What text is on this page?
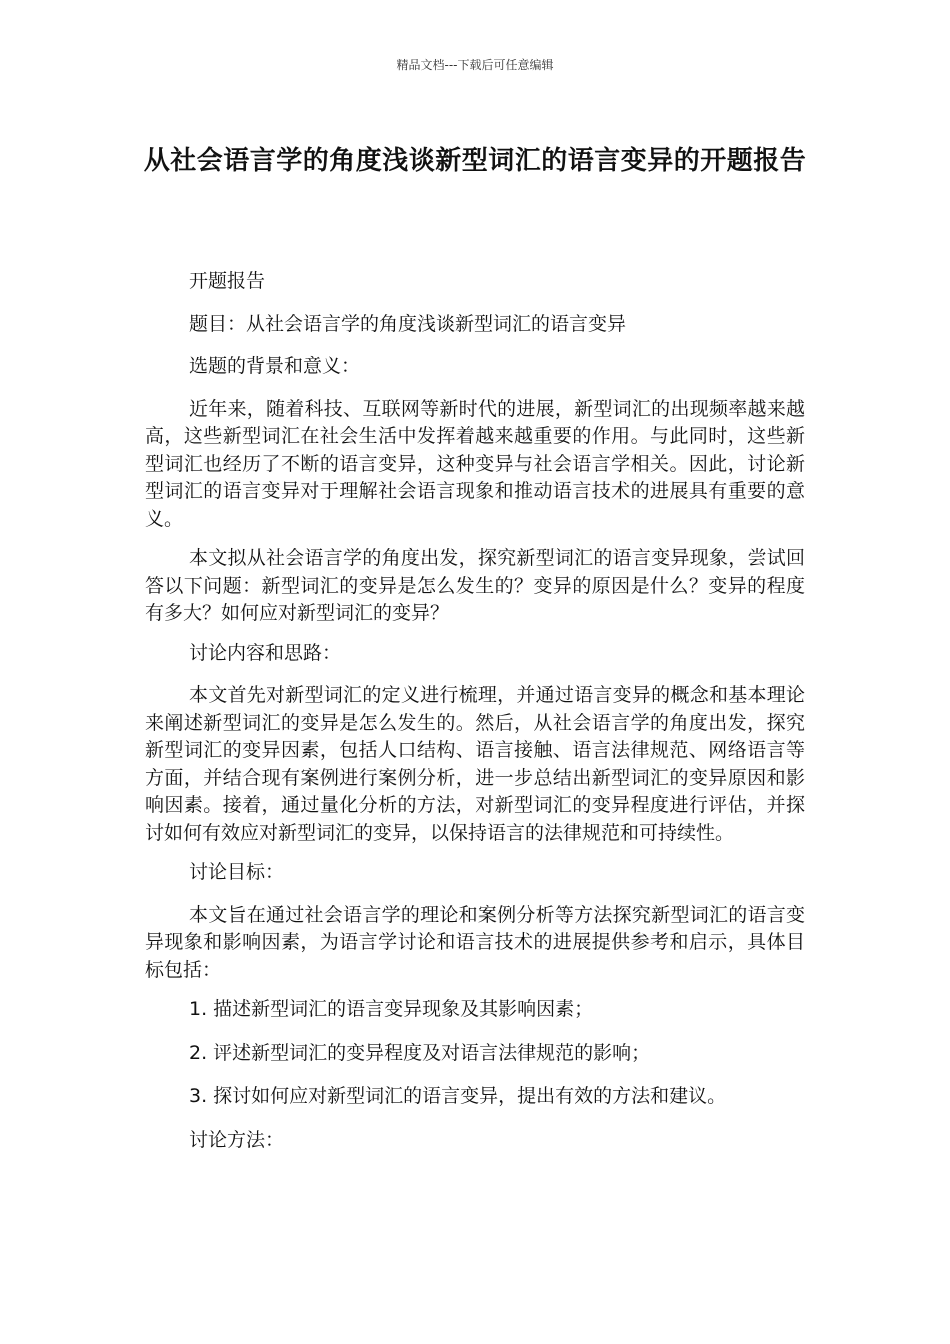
精品文档---下载后可任意编辑
从社会语言学的角度浅谈新型词汇的语言变异的开题报告

开题报告

题目：从社会语言学的角度浅谈新型词汇的语言变异

选题的背景和意义：

近年来，随着科技、互联网等新时代的进展，新型词汇的出现频率越来越高，这些新型词汇在社会生活中发挥着越来越重要的作用。与此同时，这些新型词汇也经历了不断的语言变异，这种变异与社会语言学相关。因此，讨论新型词汇的语言变异对于理解社会语言现象和推动语言技术的进展具有重要的意义。

本文拟从社会语言学的角度出发，探究新型词汇的语言变异现象，尝试回答以下问题：新型词汇的变异是怎么发生的？变异的原因是什么？变异的程度有多大？如何应对新型词汇的变异？

讨论内容和思路：

本文首先对新型词汇的定义进行梳理，并通过语言变异的概念和基本理论来阐述新型词汇的变异是怎么发生的。然后，从社会语言学的角度出发，探究新型词汇的变异因素，包括人口结构、语言接触、语言法律规范、网络语言等方面，并结合现有案例进行案例分析，进一步总结出新型词汇的变异原因和影响因素。接着，通过量化分析的方法，对新型词汇的变异程度进行评估，并探讨如何有效应对新型词汇的变异，以保持语言的法律规范和可持续性。

讨论目标：

本文旨在通过社会语言学的理论和案例分析等方法探究新型词汇的语言变异现象和影响因素，为语言学讨论和语言技术的进展提供参考和启示，具体目标包括：

1. 描述新型词汇的语言变异现象及其影响因素；

2. 评述新型词汇的变异程度及对语言法律规范的影响；

3. 探讨如何应对新型词汇的语言变异，提出有效的方法和建议。

讨论方法：
